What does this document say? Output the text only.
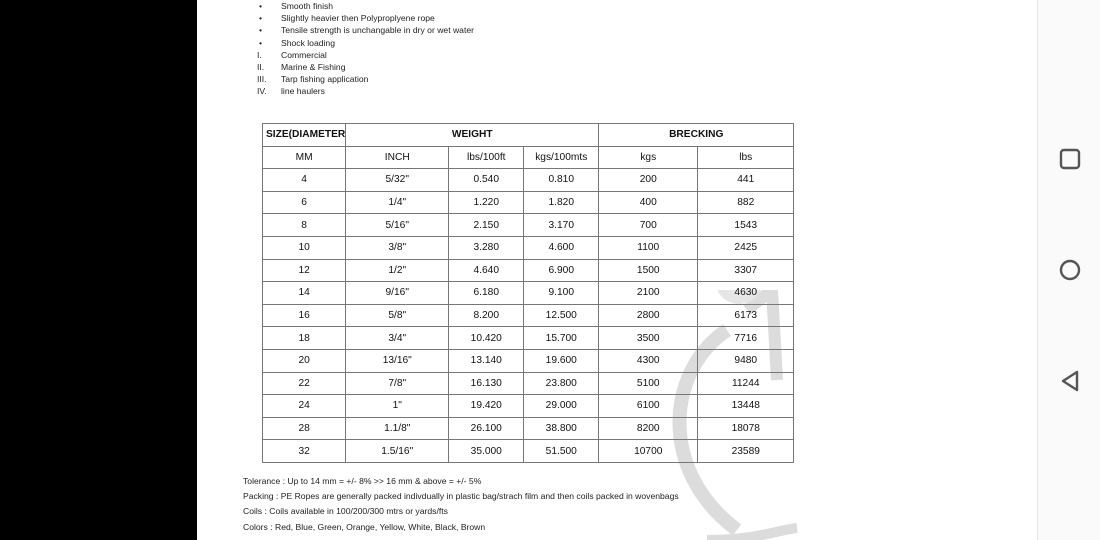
•	Smooth finish
•	Slightly heavier then Polyproplyene rope
•	Tensile strength is unchangable in dry or wet water
•	Shock loading
I.	Commercial
II.	Marine & Fishing
III.	Tarp fishing application
IV.	line haulers
SIZE(DIAMETER	WEIGHT			BRECKING	
MM	INCH	lbs/100ft	kgs/100mts	kgs	lbs
4	5/32"	0.540	0.810	200	441
6	1/4"	1.220	1.820	400	882
8	5/16"	2.150	3.170	700	1543
10	3/8"	3.280	4.600	1100	2425
12	1/2"	4.640	6.900	1500	3307
14	9/16"	6.180	9.100	2100	4630
16	5/8"	8.200	12.500	2800	6173
18	3/4"	10.420	15.700	3500	7716
20	13/16"	13.140	19.600	4300	9480
22	7/8"	16.130	23.800	5100	11244
24	1"	19.420	29.000	6100	13448
28	1.1/8"	26.100	38.800	8200	18078
32	1.5/16"	35.000	51.500	10700	23589
Tolerance : Up to 14 mm = +/- 8% >> 16 mm & above = +/- 5%
Packing : PE Ropes are generally packed indivdually in plastic bag/strach film and then coils packed in wovenbags
Coils : Coils available in 100/200/300 mtrs or yards/fts
Colors : Red, Blue, Green, Orange, Yellow, White, Black, Brown
